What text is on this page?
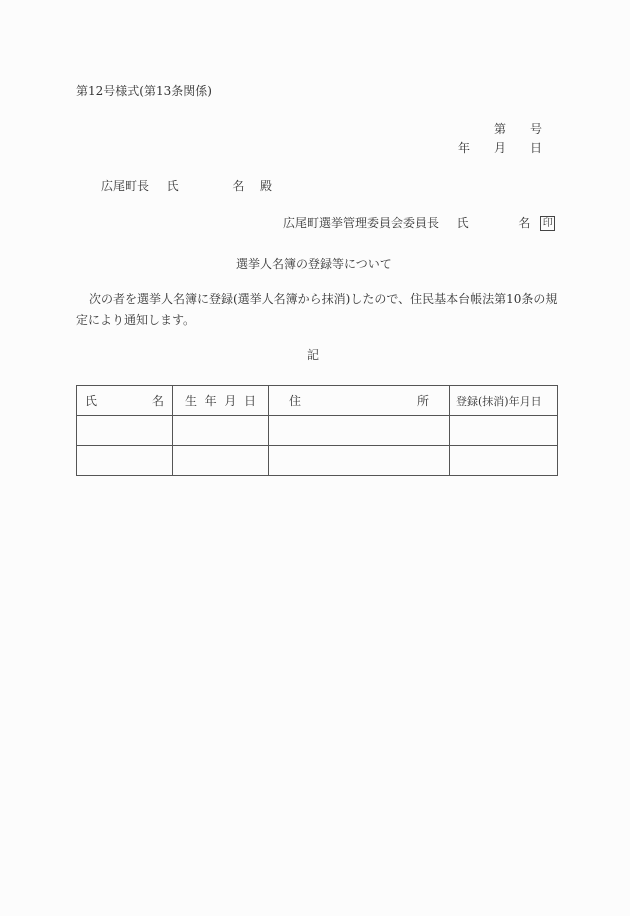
第12号様式(第13条関係)
第 号
年 月 日
広尾町長 氏	名 殿
広尾町選挙管理委員会委員長 氏	名 印
選挙人名簿の登録等について
次の者を選挙人名簿に登録(選挙人名簿から抹消)したので、住民基本台帳法第10条の規
定により通知します。
記
氏 名	生 年 月 日	住 所	登録(抹消)年月日
